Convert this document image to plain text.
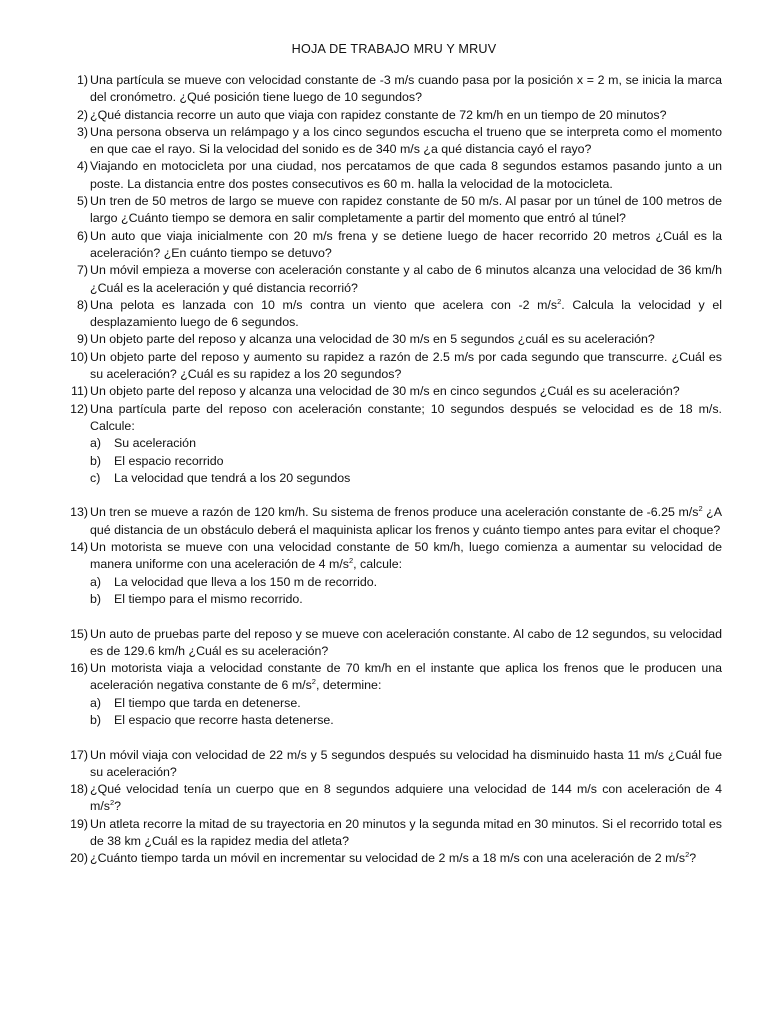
HOJA DE TRABAJO MRU Y MRUV
1) Una partícula se mueve con velocidad constante de -3 m/s cuando pasa por la posición x = 2 m, se inicia la marca del cronómetro. ¿Qué posición tiene luego de 10 segundos?
2) ¿Qué distancia recorre un auto que viaja con rapidez constante de 72 km/h en un tiempo de 20 minutos?
3) Una persona observa un relámpago y a los cinco segundos escucha el trueno que se interpreta como el momento en que cae el rayo. Si la velocidad del sonido es de 340 m/s ¿a qué distancia cayó el rayo?
4) Viajando en motocicleta por una ciudad, nos percatamos de que cada 8 segundos estamos pasando junto a un poste. La distancia entre dos postes consecutivos es 60 m. halla la velocidad de la motocicleta.
5) Un tren de 50 metros de largo se mueve con rapidez constante de 50 m/s. Al pasar por un túnel de 100 metros de largo ¿Cuánto tiempo se demora en salir completamente a partir del momento que entró al túnel?
6) Un auto que viaja inicialmente con 20 m/s frena y se detiene luego de hacer recorrido 20 metros ¿Cuál es la aceleración? ¿En cuánto tiempo se detuvo?
7) Un móvil empieza a moverse con aceleración constante y al cabo de 6 minutos alcanza una velocidad de 36 km/h ¿Cuál es la aceleración y qué distancia recorrió?
8) Una pelota es lanzada con 10 m/s contra un viento que acelera con -2 $m/s^2$. Calcula la velocidad y el desplazamiento luego de 6 segundos.
9) Un objeto parte del reposo y alcanza una velocidad de 30 m/s en 5 segundos ¿cuál es su aceleración?
10) Un objeto parte del reposo y aumento su rapidez a razón de 2.5 m/s por cada segundo que transcurre. ¿Cuál es su aceleración? ¿Cuál es su rapidez a los 20 segundos?
11) Un objeto parte del reposo y alcanza una velocidad de 30 m/s en cinco segundos ¿Cuál es su aceleración?
12) Una partícula parte del reposo con aceleración constante; 10 segundos después se velocidad es de 18 m/s. Calcule:
a) Su aceleración
b) El espacio recorrido
c) La velocidad que tendrá a los 20 segundos
13) Un tren se mueve a razón de 120 km/h. Su sistema de frenos produce una aceleración constante de -6.25 $m/s^2$ ¿A qué distancia de un obstáculo deberá el maquinista aplicar los frenos y cuánto tiempo antes para evitar el choque?
14) Un motorista se mueve con una velocidad constante de 50 km/h, luego comienza a aumentar su velocidad de manera uniforme con una aceleración de 4 $m/s^2$, calcule:
a) La velocidad que lleva a los 150 m de recorrido.
b) El tiempo para el mismo recorrido.
15) Un auto de pruebas parte del reposo y se mueve con aceleración constante. Al cabo de 12 segundos, su velocidad es de 129.6 km/h ¿Cuál es su aceleración?
16) Un motorista viaja a velocidad constante de 70 km/h en el instante que aplica los frenos que le producen una aceleración negativa constante de 6 $m/s^2$, determine:
a) El tiempo que tarda en detenerse.
b) El espacio que recorre hasta detenerse.
17) Un móvil viaja con velocidad de 22 m/s y 5 segundos después su velocidad ha disminuido hasta 11 m/s ¿Cuál fue su aceleración?
18) ¿Qué velocidad tenía un cuerpo que en 8 segundos adquiere una velocidad de 144 m/s con aceleración de 4 $m/s^2$?
19) Un atleta recorre la mitad de su trayectoria en 20 minutos y la segunda mitad en 30 minutos. Si el recorrido total es de 38 km ¿Cuál es la rapidez media del atleta?
20) ¿Cuánto tiempo tarda un móvil en incrementar su velocidad de 2 m/s a 18 m/s con una aceleración de 2 $m/s^2$?
